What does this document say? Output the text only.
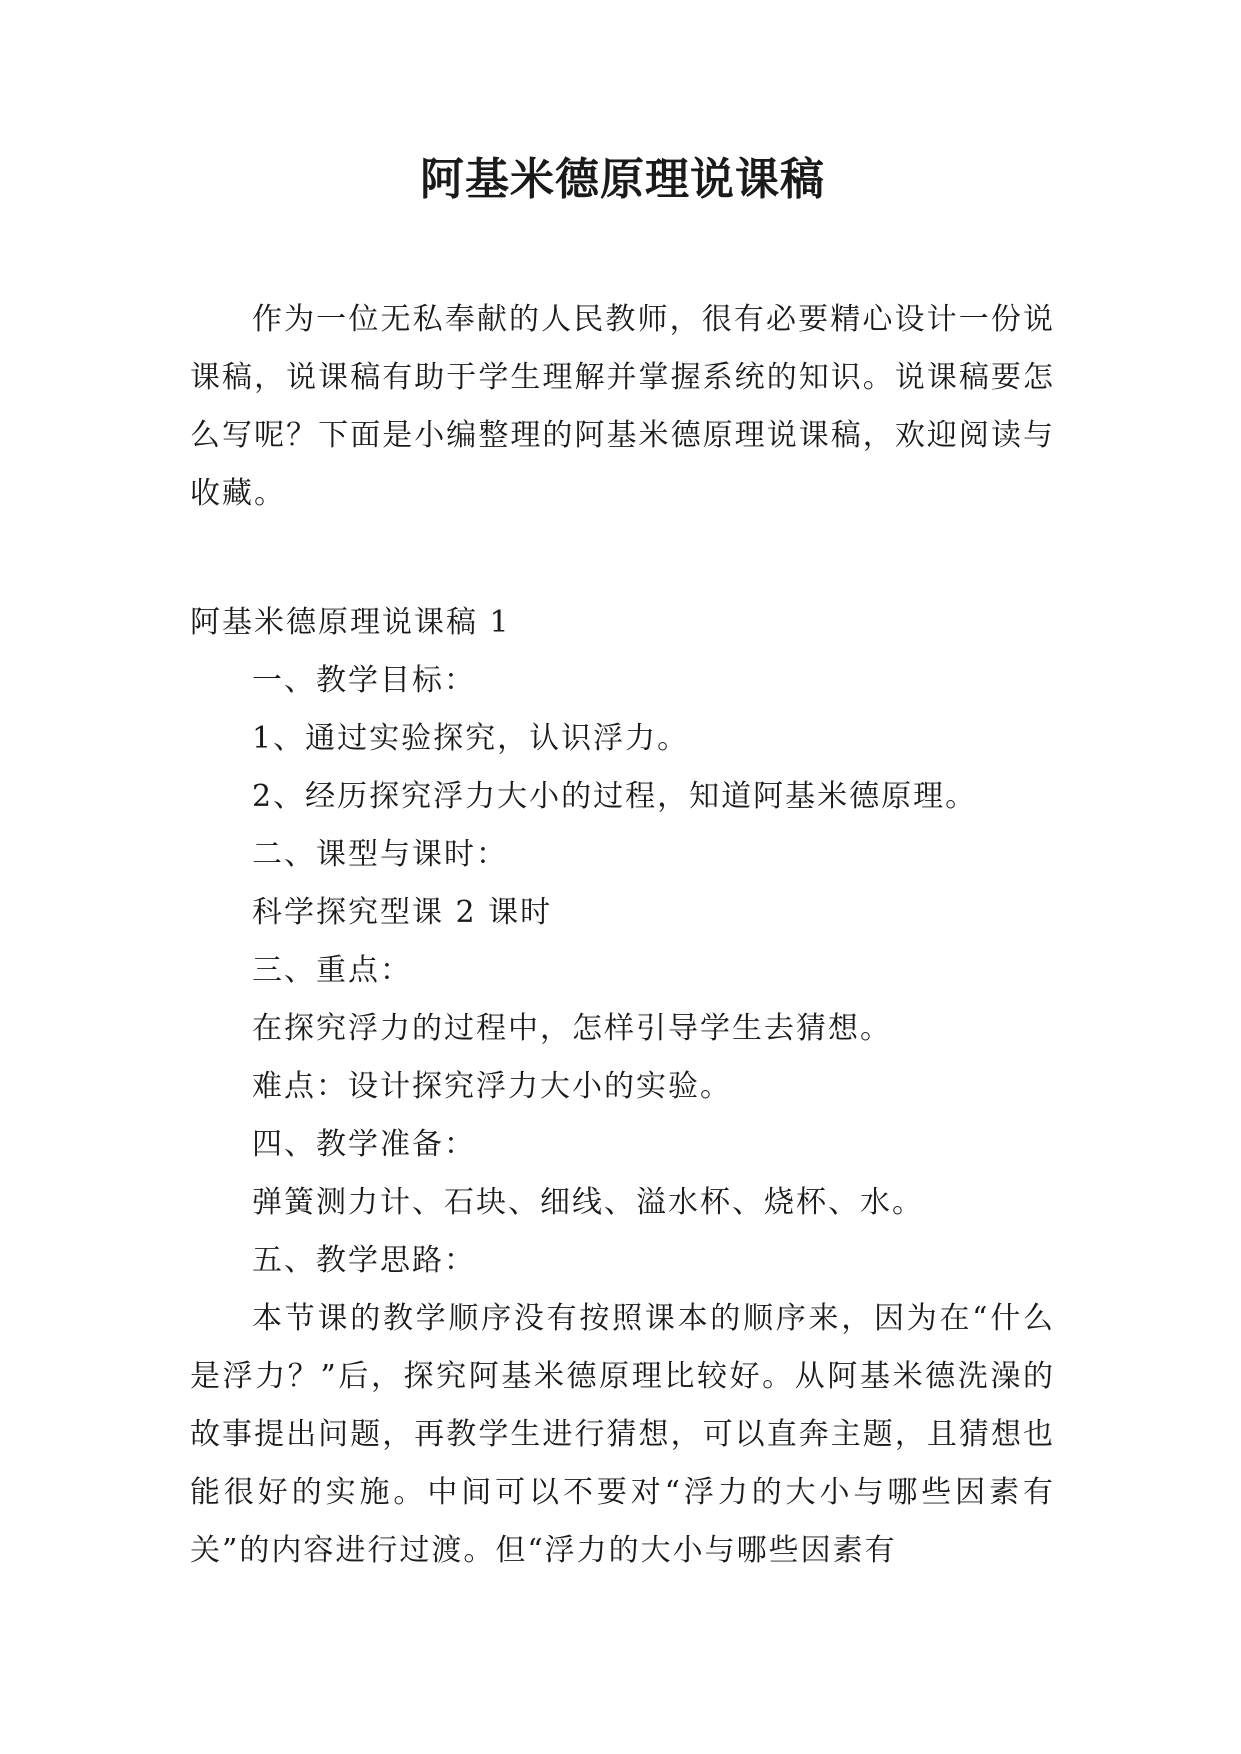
阿基米德原理说课稿
作为一位无私奉献的人民教师，很有必要精心设计一份说课稿，说课稿有助于学生理解并掌握系统的知识。说课稿要怎么写呢？下面是小编整理的阿基米德原理说课稿，欢迎阅读与收藏。
阿基米德原理说课稿 1
一、教学目标：
1、通过实验探究，认识浮力。
2、经历探究浮力大小的过程，知道阿基米德原理。
二、课型与课时：
科学探究型课 2 课时
三、重点：
在探究浮力的过程中，怎样引导学生去猜想。
难点：设计探究浮力大小的实验。
四、教学准备：
弹簧测力计、石块、细线、溢水杯、烧杯、水。
五、教学思路：
本节课的教学顺序没有按照课本的顺序来，因为在“什么是浮力？”后，探究阿基米德原理比较好。从阿基米德洗澡的故事提出问题，再教学生进行猜想，可以直奔主题，且猜想也能很好的实施。中间可以不要对“浮力的大小与哪些因素有关”的内容进行过渡。但“浮力的大小与哪些因素有
